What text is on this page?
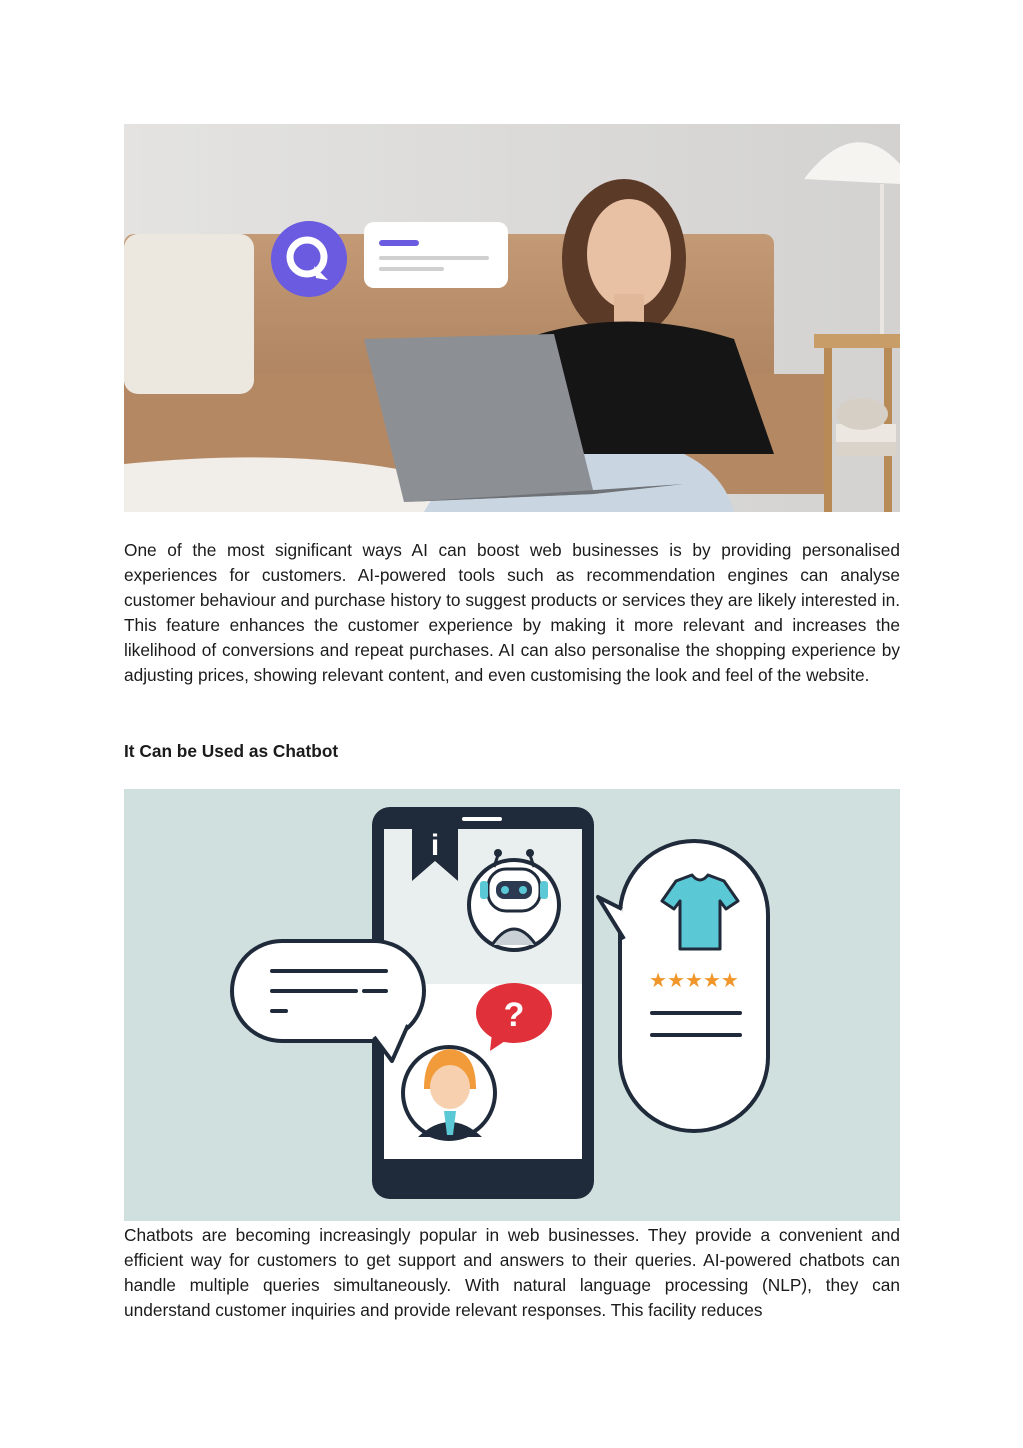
One of the most significant ways AI can boost web businesses is by providing personalised experiences for customers. AI-powered tools such as recommendation engines can analyse customer behaviour and purchase history to suggest products or services they are likely interested in. This feature enhances the customer experience by making it more relevant and increases the likelihood of conversions and repeat purchases. AI can also personalise the shopping experience by adjusting prices, showing relevant content, and even customising the look and feel of the website.

It Can be Used as Chatbot
i
?
★★★★★

Chatbots are becoming increasingly popular in web businesses. They provide a convenient and efficient way for customers to get support and answers to their queries. AI-powered chatbots can handle multiple queries simultaneously. With natural language processing (NLP), they can understand customer inquiries and provide relevant responses. This facility reduces
